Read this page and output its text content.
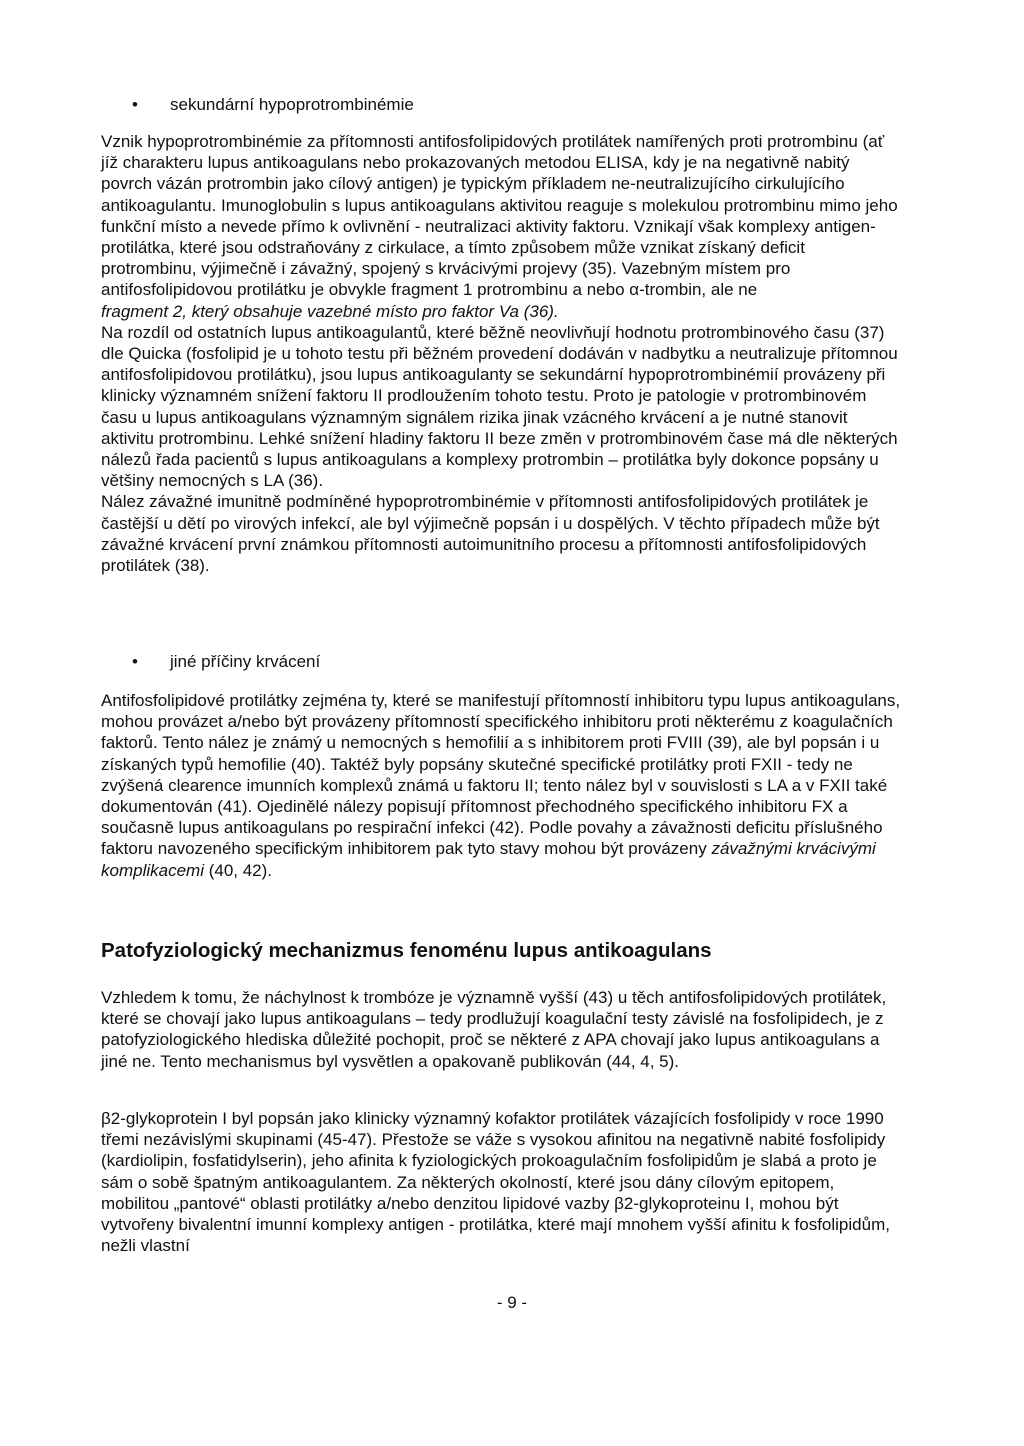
• sekundární hypoprotrombinémie

Vznik hypoprotrombinémie za přítomnosti antifosfolipidových protilátek namířených proti protrombinu (ať jíž charakteru lupus antikoagulans nebo prokazovaných metodou ELISA, kdy je na negativně nabitý povrch vázán protrombin jako cílový antigen) je typickým příkladem ne-neutralizujícího cirkulujícího antikoagulantu. Imunoglobulin s lupus antikoagulans aktivitou reaguje s molekulou protrombinu mimo jeho funkční místo a nevede přímo k ovlivnění - neutralizaci aktivity faktoru. Vznikají však komplexy antigen-protilátka, které jsou odstraňovány z cirkulace, a tímto způsobem může vznikat získaný deficit protrombinu, výjimečně i závažný, spojený s krvácivými projevy (35). Vazebným místem pro antifosfolipidovou protilátku je obvykle fragment 1 protrombinu a nebo α-trombin, ale ne
fragment 2, který obsahuje vazebné místo pro faktor Va (36).

Na rozdíl od ostatních lupus antikoagulantů, které běžně neovlivňují hodnotu protrombinového času (37) dle Quicka (fosfolipid je u tohoto testu při běžném provedení dodáván v nadbytku a neutralizuje přítomnou antifosfolipidovou protilátku), jsou lupus antikoagulanty se sekundární hypoprotrombinémií provázeny při klinicky významném snížení faktoru II prodloužením tohoto testu. Proto je patologie v protrombinovém času u lupus antikoagulans významným signálem rizika jinak vzácného krvácení a je nutné stanovit aktivitu protrombinu. Lehké snížení hladiny faktoru II beze změn v protrombinovém čase má dle některých nálezů řada pacientů s lupus antikoagulans a komplexy protrombin – protilátka byly dokonce popsány u většiny nemocných s LA (36).

Nález závažné imunitně podmíněné hypoprotrombinémie v přítomnosti antifosfolipidových protilátek je častější u dětí po virových infekcí, ale byl výjimečně popsán i u dospělých. V těchto případech může být závažné krvácení první známkou přítomnosti autoimunitního procesu a přítomnosti antifosfolipidových protilátek (38).

• jiné příčiny krvácení

Antifosfolipidové protilátky zejména ty, které se manifestují přítomností inhibitoru typu lupus antikoagulans, mohou provázet a/nebo být provázeny přítomností specifického inhibitoru proti některému z koagulačních faktorů. Tento nález je známý u nemocných s hemofilií a s inhibitorem proti FVIII (39), ale byl popsán i u získaných typů hemofilie (40). Taktéž byly popsány skutečné specifické protilátky proti FXII - tedy ne zvýšená clearence imunních komplexů známá u faktoru II; tento nález byl v souvislosti s LA a v FXII také dokumentován (41). Ojedinělé nálezy popisují přítomnost přechodného specifického inhibitoru FX a současně lupus antikoagulans po respirační infekci (42). Podle povahy a závažnosti deficitu příslušného faktoru navozeného specifickým inhibitorem pak tyto stavy mohou být provázeny závažnými krvácivými komplikacemi (40, 42).

Patofyziologický mechanizmus fenoménu lupus antikoagulans

Vzhledem k tomu, že náchylnost k trombóze je významně vyšší (43) u těch antifosfolipidových protilátek, které se chovají jako lupus antikoagulans – tedy prodlužují koagulační testy závislé na fosfolipidech, je z patofyziologického hlediska důležité pochopit, proč se některé z APA chovají jako lupus antikoagulans a jiné ne. Tento mechanismus byl vysvětlen a opakovaně publikován (44, 4, 5).

β2-glykoprotein I byl popsán jako klinicky významný kofaktor protilátek vázajících fosfolipidy v roce 1990 třemi nezávislými skupinami (45-47). Přestože se váže s vysokou afinitou na negativně nabité fosfolipidy (kardiolipin, fosfatidylserin), jeho afinita k fyziologických prokoagulačním fosfolipidům je slabá a proto je sám o sobě špatným antikoagulantem. Za některých okolností, které jsou dány cílovým epitopem, mobilitou „pantové“ oblasti protilátky a/nebo denzitou lipidové vazby β2-glykoproteinu I, mohou být vytvořeny bivalentní imunní komplexy antigen - protilátka, které mají mnohem vyšší afinitu k fosfolipidům, nežli vlastní

- 9 -
